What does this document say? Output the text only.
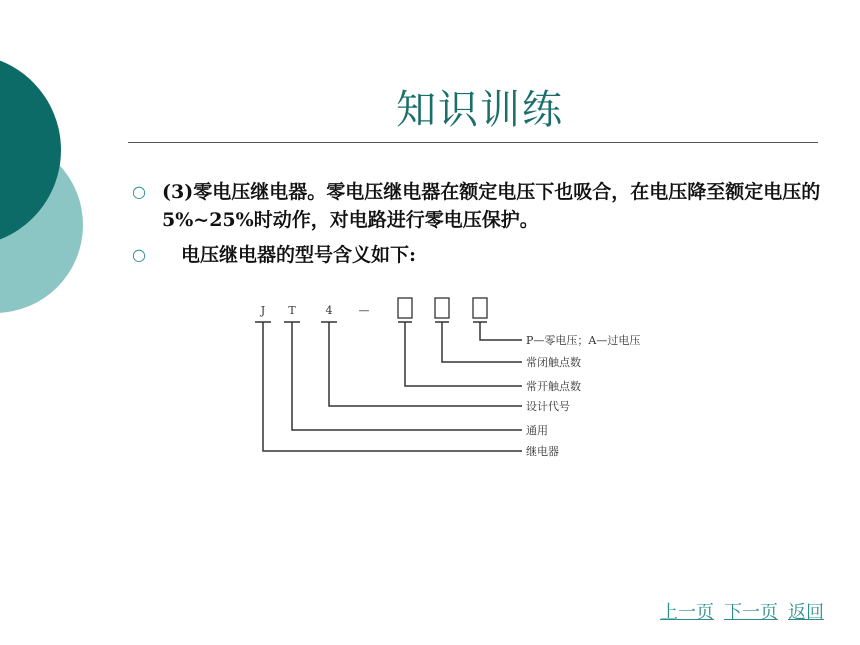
知识训练
○ (3)零电压继电器。零电压继电器在额定电压下也吸合，在电压降至额定电压的5%~25%时动作，对电路进行零电压保护。
○ 　电压继电器的型号含义如下:
J T	4 —
P—零电压；A—过电压
常闭触点数
常开触点数
设计代号
通用
继电器
上一页 下一页 返回
